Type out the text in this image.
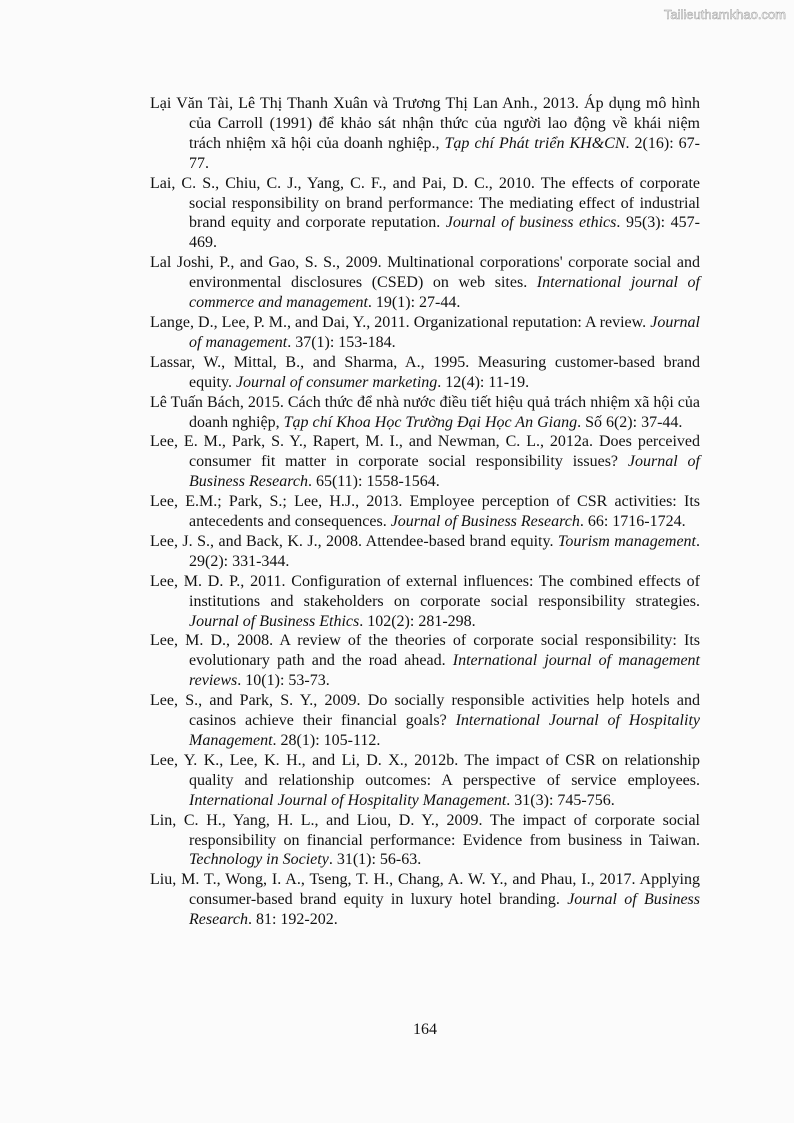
Tailieuthamkhao.com

Lại Văn Tài, Lê Thị Thanh Xuân và Trương Thị Lan Anh., 2013. Áp dụng mô hình của Carroll (1991) để khảo sát nhận thức của người lao động về khái niệm trách nhiệm xã hội của doanh nghiệp., Tạp chí Phát triển KH&CN. 2(16): 67-77.

Lai, C. S., Chiu, C. J., Yang, C. F., and Pai, D. C., 2010. The effects of corporate social responsibility on brand performance: The mediating effect of industrial brand equity and corporate reputation. Journal of business ethics. 95(3): 457-469.

Lal Joshi, P., and Gao, S. S., 2009. Multinational corporations' corporate social and environmental disclosures (CSED) on web sites. International journal of commerce and management. 19(1): 27-44.

Lange, D., Lee, P. M., and Dai, Y., 2011. Organizational reputation: A review. Journal of management. 37(1): 153-184.

Lassar, W., Mittal, B., and Sharma, A., 1995. Measuring customer-based brand equity. Journal of consumer marketing. 12(4): 11-19.

Lê Tuấn Bách, 2015. Cách thức để nhà nước điều tiết hiệu quả trách nhiệm xã hội của doanh nghiệp, Tạp chí Khoa Học Trường Đại Học An Giang. Số 6(2): 37-44.

Lee, E. M., Park, S. Y., Rapert, M. I., and Newman, C. L., 2012a. Does perceived consumer fit matter in corporate social responsibility issues? Journal of Business Research. 65(11): 1558-1564.

Lee, E.M.; Park, S.; Lee, H.J., 2013. Employee perception of CSR activities: Its antecedents and consequences. Journal of Business Research. 66: 1716-1724.

Lee, J. S., and Back, K. J., 2008. Attendee-based brand equity. Tourism management. 29(2): 331-344.

Lee, M. D. P., 2011. Configuration of external influences: The combined effects of institutions and stakeholders on corporate social responsibility strategies. Journal of Business Ethics. 102(2): 281-298.

Lee, M. D., 2008. A review of the theories of corporate social responsibility: Its evolutionary path and the road ahead. International journal of management reviews. 10(1): 53-73.

Lee, S., and Park, S. Y., 2009. Do socially responsible activities help hotels and casinos achieve their financial goals? International Journal of Hospitality Management. 28(1): 105-112.

Lee, Y. K., Lee, K. H., and Li, D. X., 2012b. The impact of CSR on relationship quality and relationship outcomes: A perspective of service employees. International Journal of Hospitality Management. 31(3): 745-756.

Lin, C. H., Yang, H. L., and Liou, D. Y., 2009. The impact of corporate social responsibility on financial performance: Evidence from business in Taiwan. Technology in Society. 31(1): 56-63.

Liu, M. T., Wong, I. A., Tseng, T. H., Chang, A. W. Y., and Phau, I., 2017. Applying consumer-based brand equity in luxury hotel branding. Journal of Business Research. 81: 192-202.

164
